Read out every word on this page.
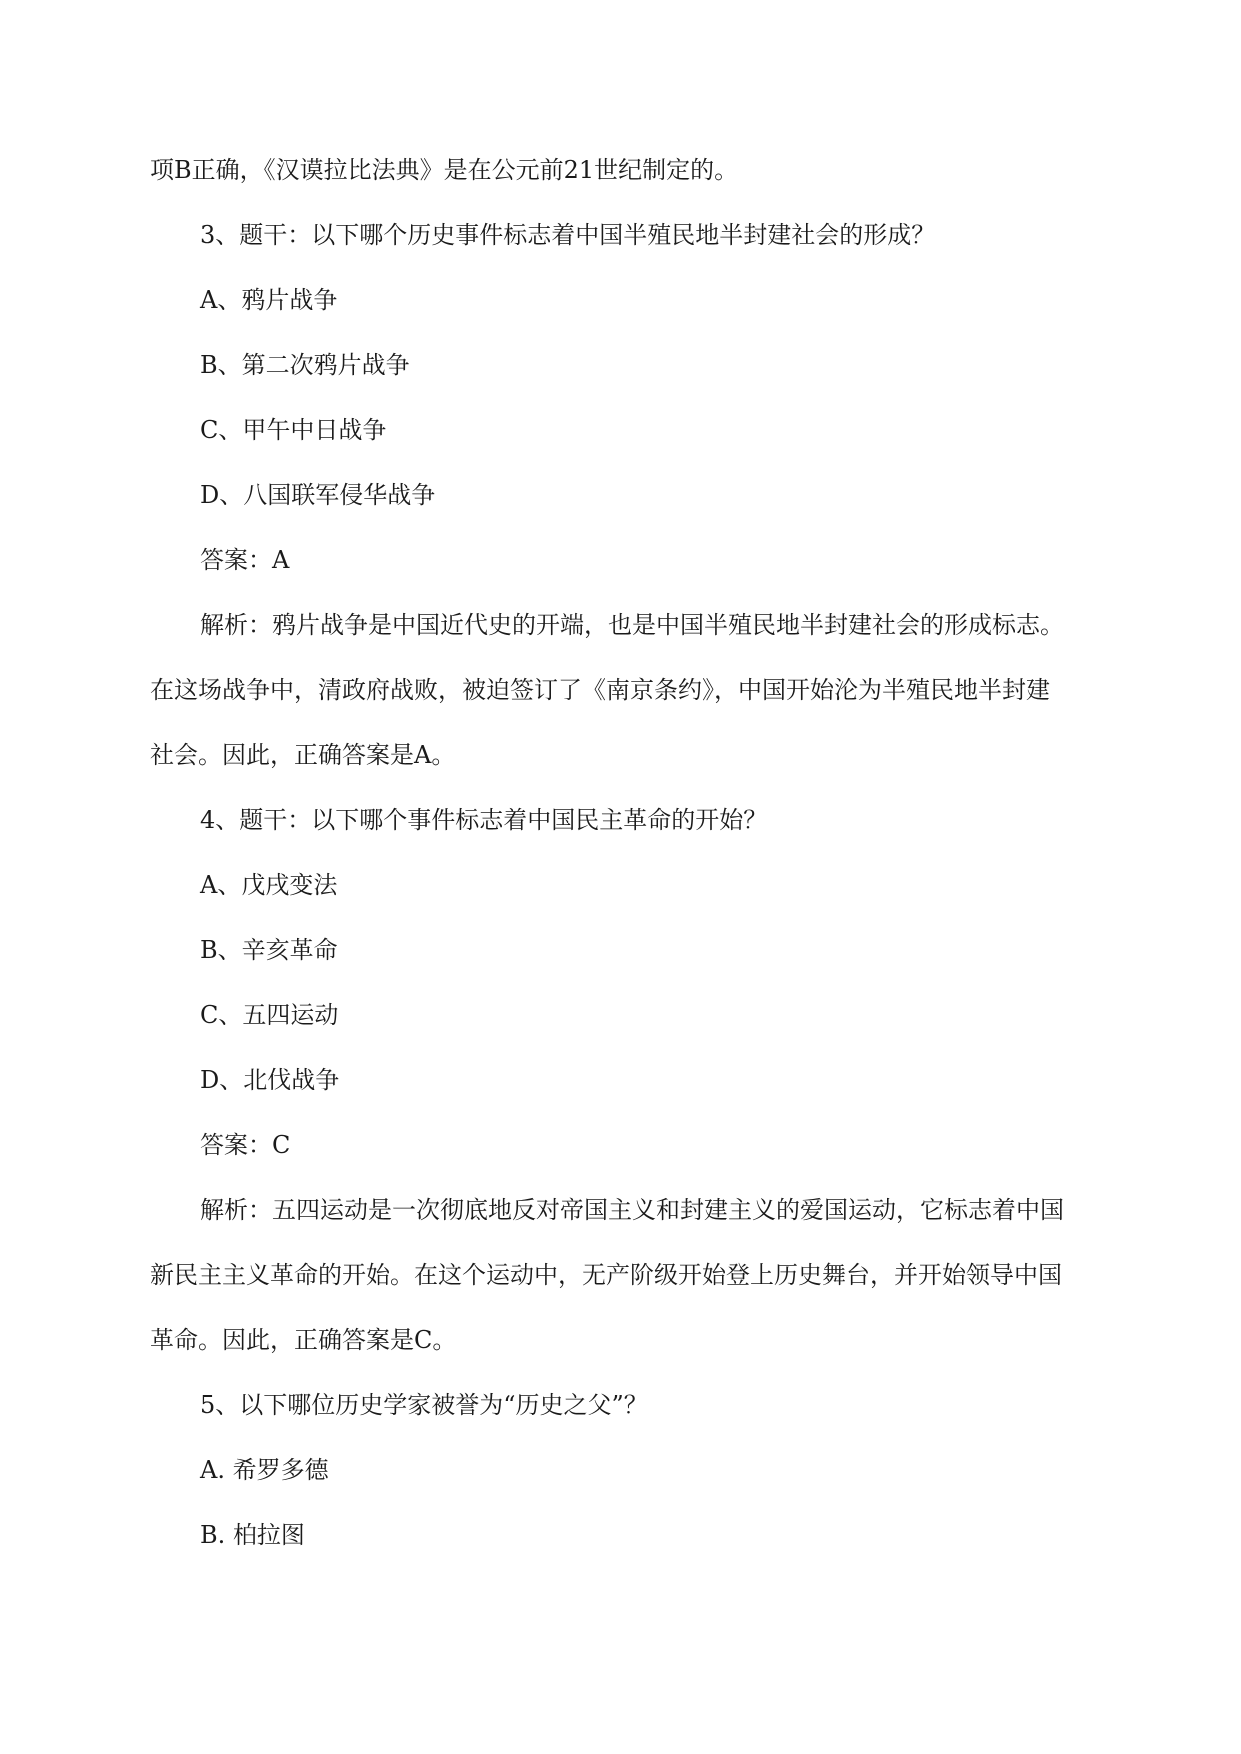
项B正确，《汉谟拉比法典》是在公元前21世纪制定的。

3、题干：以下哪个历史事件标志着中国半殖民地半封建社会的形成？

A、鸦片战争

B、第二次鸦片战争

C、甲午中日战争

D、八国联军侵华战争

答案：A

解析：鸦片战争是中国近代史的开端，也是中国半殖民地半封建社会的形成标志。

在这场战争中，清政府战败，被迫签订了《南京条约》，中国开始沦为半殖民地半封建

社会。因此，正确答案是A。

4、题干：以下哪个事件标志着中国民主革命的开始？

A、戊戌变法

B、辛亥革命

C、五四运动

D、北伐战争

答案：C

解析：五四运动是一次彻底地反对帝国主义和封建主义的爱国运动，它标志着中国

新民主主义革命的开始。在这个运动中，无产阶级开始登上历史舞台，并开始领导中国

革命。因此，正确答案是C。

5、以下哪位历史学家被誉为“历史之父”？

A. 希罗多德

B. 柏拉图
